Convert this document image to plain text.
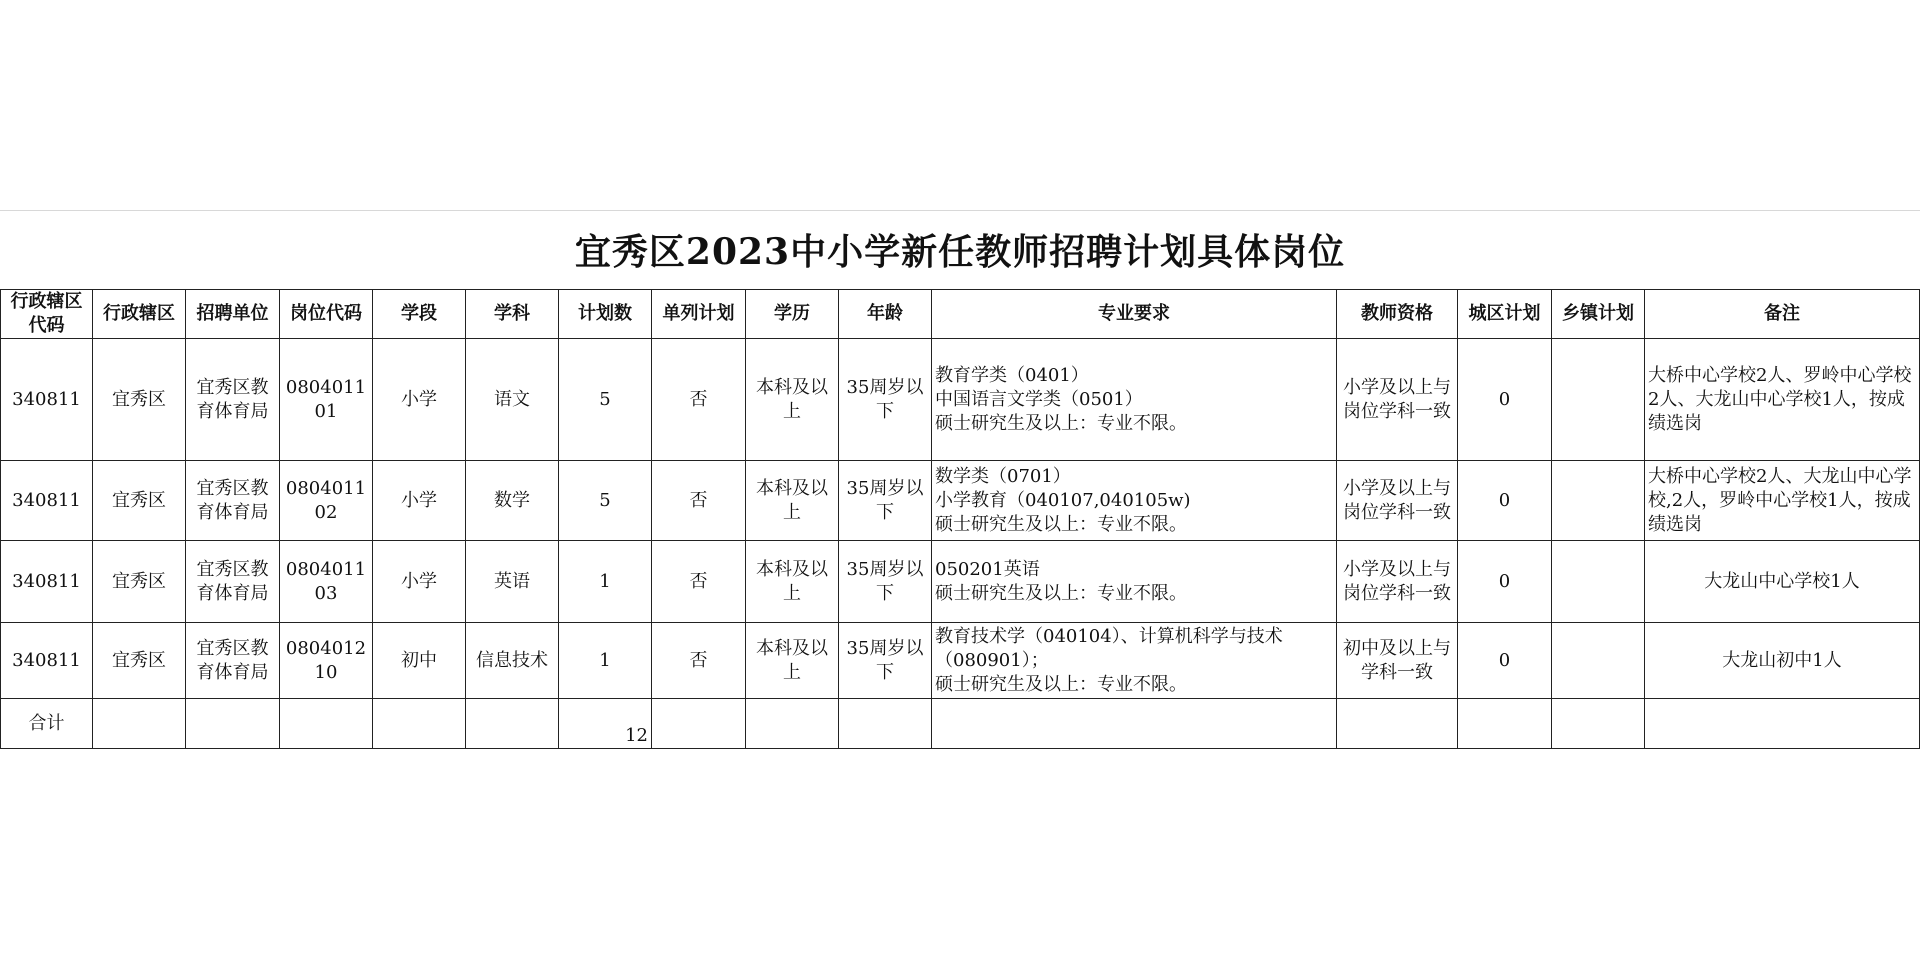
宜秀区2023中小学新任教师招聘计划具体岗位
行政辖区代码	行政辖区	招聘单位	岗位代码	学段	学科	计划数	单列计划	学历	年龄	专业要求	教师资格	城区计划	乡镇计划	备注
340811	宜秀区	宜秀区教育体育局	080401101	小学	语文	5	否	本科及以上	35周岁以下	教育学类（0401）
中国语言文学类（0501）
硕士研究生及以上：专业不限。	小学及以上与岗位学科一致	0		大桥中心学校2人、罗岭中心学校2人、大龙山中心学校1人，按成绩选岗
340811	宜秀区	宜秀区教育体育局	080401102	小学	数学	5	否	本科及以上	35周岁以下	数学类（0701）
小学教育（040107,040105w)
硕士研究生及以上：专业不限。	小学及以上与岗位学科一致	0		大桥中心学校2人、大龙山中心学校,2人，罗岭中心学校1人，按成绩选岗
340811	宜秀区	宜秀区教育体育局	080401103	小学	英语	1	否	本科及以上	35周岁以下	050201英语
硕士研究生及以上：专业不限。	小学及以上与岗位学科一致	0		大龙山中心学校1人
340811	宜秀区	宜秀区教育体育局	080401210	初中	信息技术	1	否	本科及以上	35周岁以下	教育技术学（040104）、计算机科学与技术
（080901）；
硕士研究生及以上：专业不限。	初中及以上与学科一致	0		大龙山初中1人
合计						12								
